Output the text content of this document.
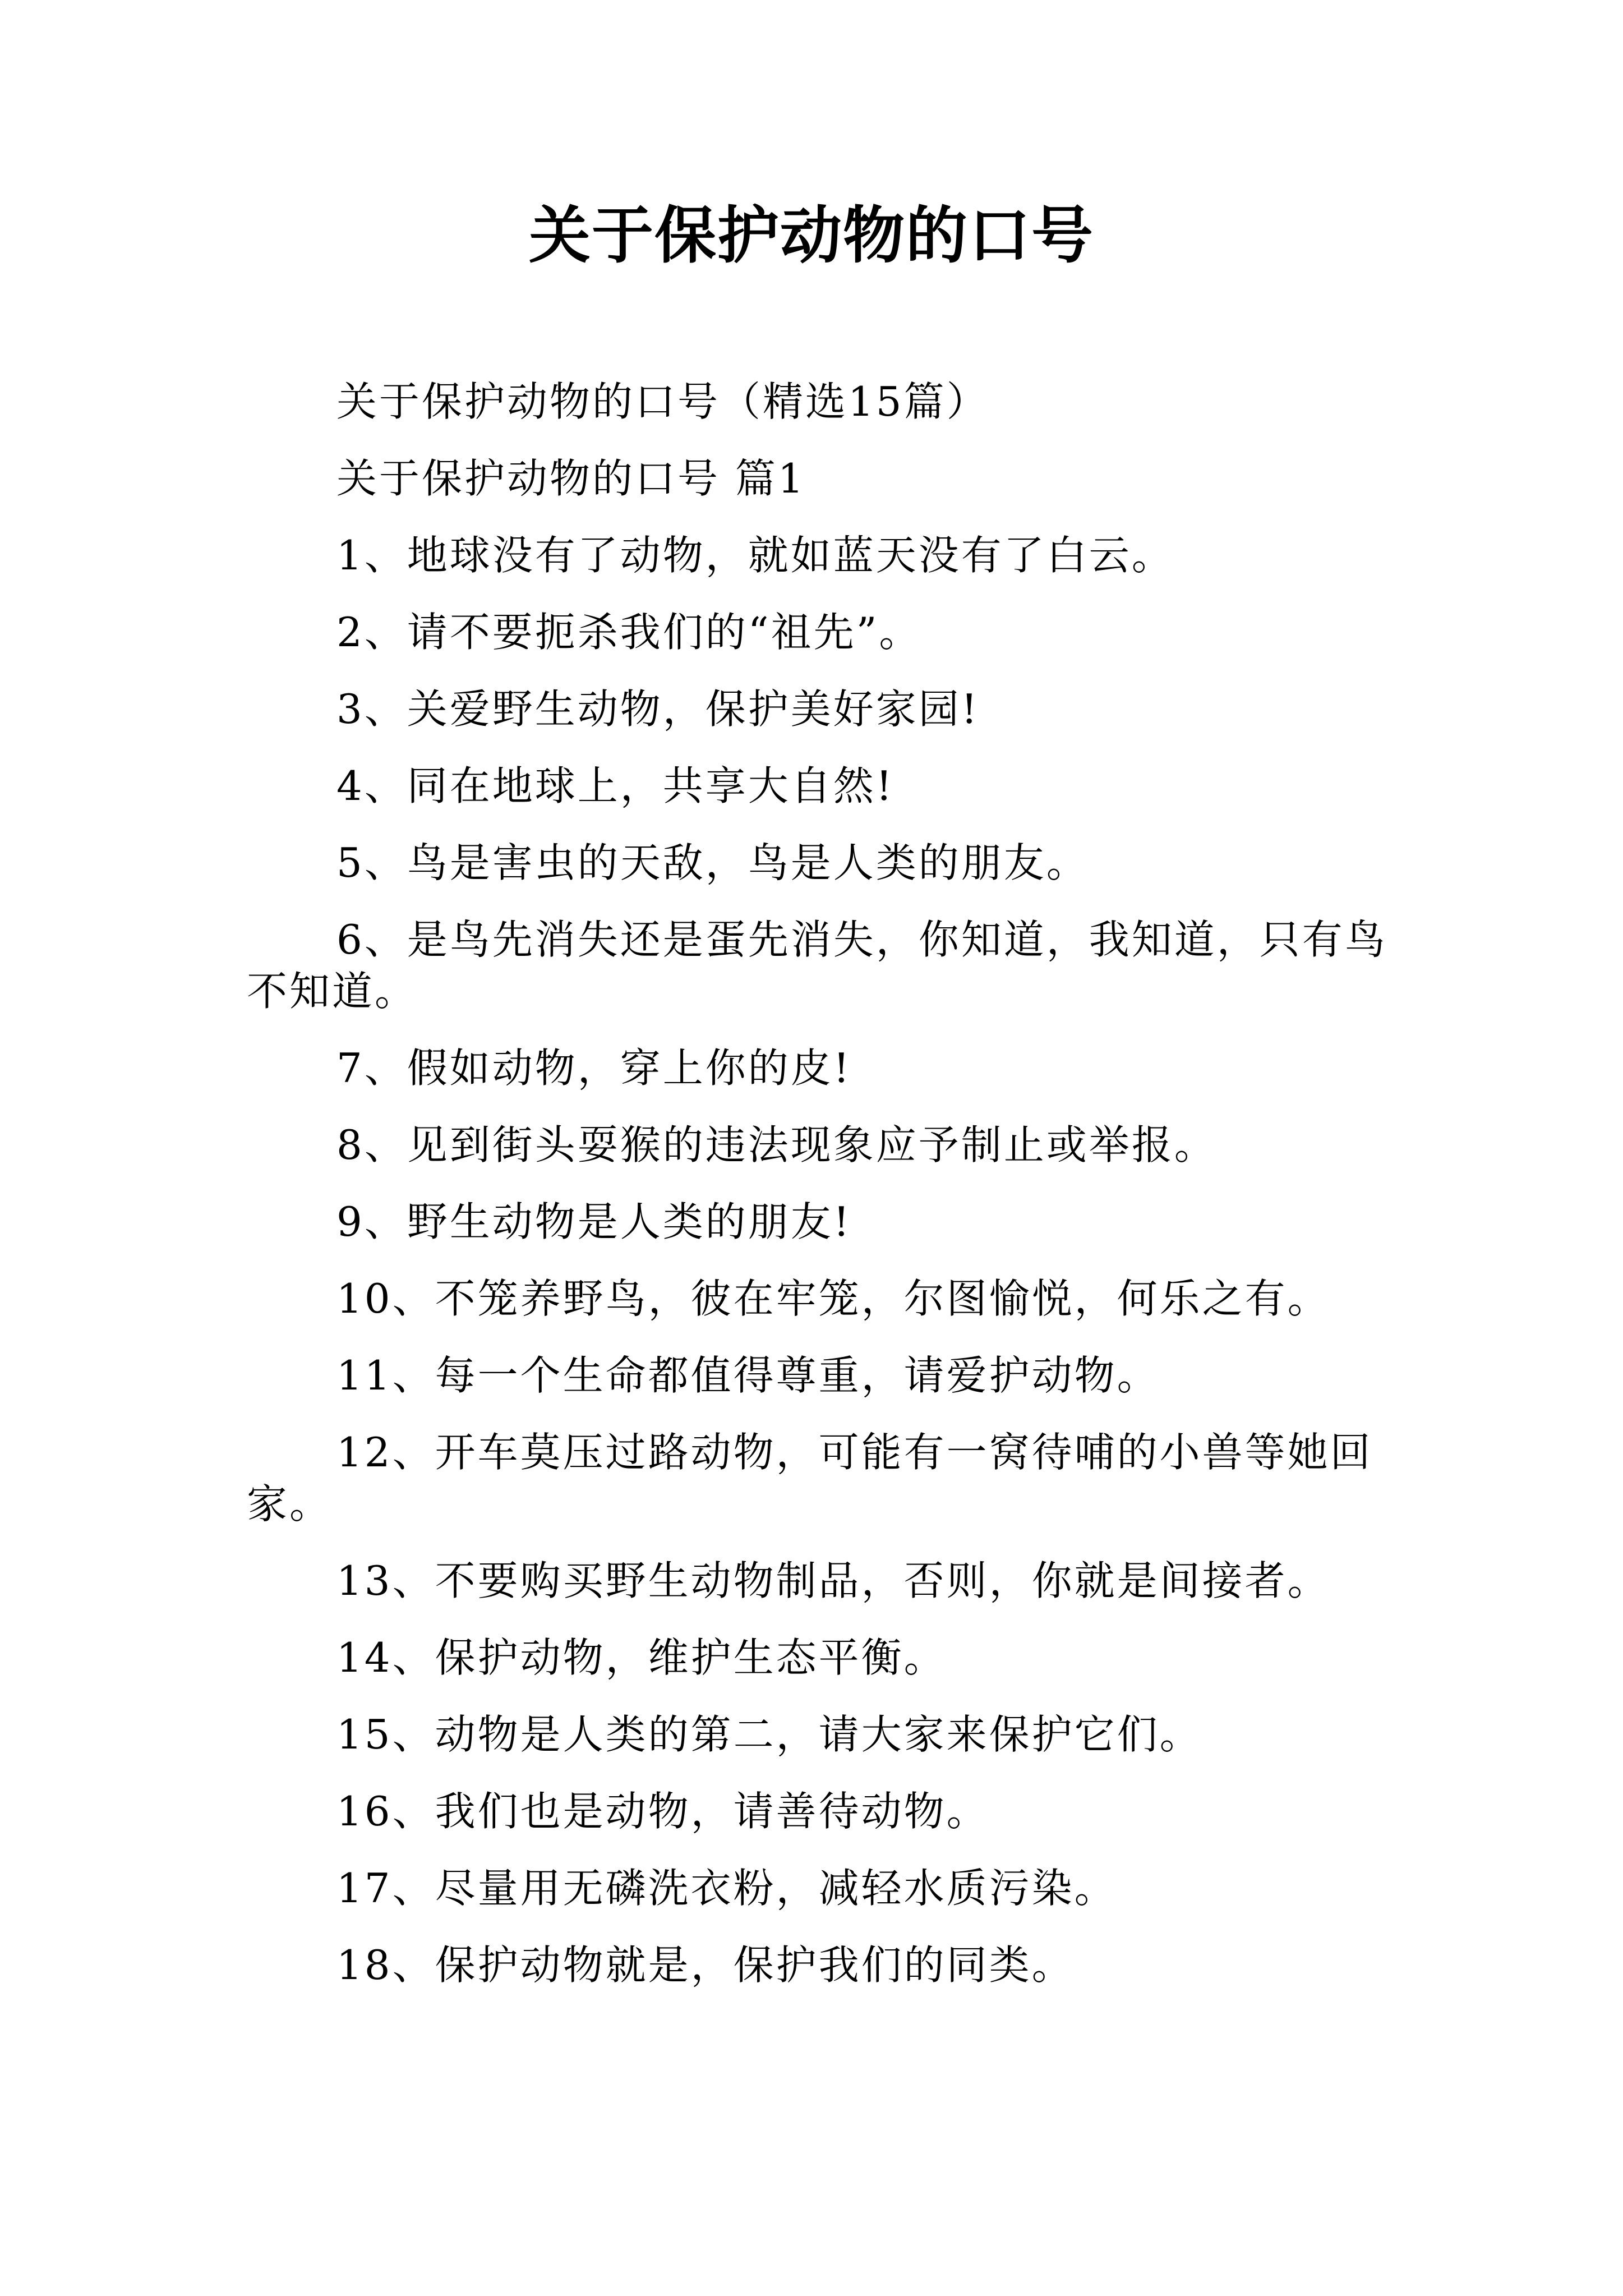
关于保护动物的口号

关于保护动物的口号（精选15篇）

关于保护动物的口号 篇1

1、地球没有了动物，就如蓝天没有了白云。

2、请不要扼杀我们的“祖先”。

3、关爱野生动物，保护美好家园!

4、同在地球上，共享大自然!

5、鸟是害虫的天敌，鸟是人类的朋友。

6、是鸟先消失还是蛋先消失，你知道，我知道，只有鸟不知道。

7、假如动物，穿上你的皮!

8、见到街头耍猴的违法现象应予制止或举报。

9、野生动物是人类的朋友!

10、不笼养野鸟，彼在牢笼，尔图愉悦，何乐之有。

11、每一个生命都值得尊重，请爱护动物。

12、开车莫压过路动物，可能有一窝待哺的小兽等她回家。

13、不要购买野生动物制品，否则，你就是间接者。

14、保护动物，维护生态平衡。

15、动物是人类的第二，请大家来保护它们。

16、我们也是动物，请善待动物。

17、尽量用无磷洗衣粉，减轻水质污染。

18、保护动物就是，保护我们的同类。
